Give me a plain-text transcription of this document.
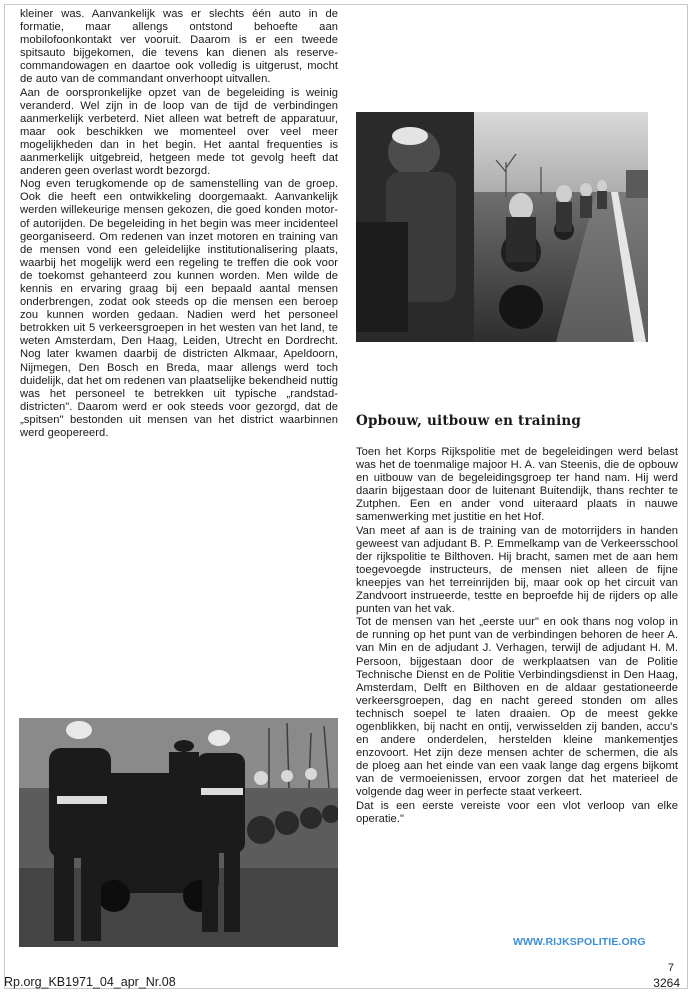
kleiner was. Aanvankelijk was er slechts één auto in de formatie, maar allengs ontstond behoefte aan mobilofoonkontakt ver vooruit. Daarom is er een tweede spitsauto bijgekomen, die tevens kan dienen als reserve-commandowagen en daartoe ook volledig is uitgerust, mocht de auto van de commandant onverhoopt uitvallen.

Aan de oorspronkelijke opzet van de begeleiding is weinig veranderd. Wel zijn in de loop van de tijd de verbindingen aanmerkelijk verbeterd. Niet alleen wat betreft de apparatuur, maar ook beschikken we momenteel over veel meer mogelijkheden dan in het begin. Het aantal frequenties is aanmerkelijk uitgebreid, hetgeen mede tot gevolg heeft dat anderen geen overlast wordt bezorgd.

Nog even terugkomende op de samenstelling van de groep. Ook die heeft een ontwikkeling doorgemaakt. Aanvankelijk werden willekeurige mensen gekozen, die goed konden motor- of autorijden. De begeleiding in het begin was meer incidenteel georganiseerd. Om redenen van inzet motoren en training van de mensen vond een geleidelijke institutionalisering plaats, waarbij het mogelijk werd een regeling te treffen die ook voor de toekomst gehanteerd zou kunnen worden. Men wilde de kennis en ervaring graag bij een bepaald aantal mensen onderbrengen, zodat ook steeds op die mensen een beroep zou kunnen worden gedaan. Nadien werd het personeel betrokken uit 5 verkeersgroepen in het westen van het land, te weten Amsterdam, Den Haag, Leiden, Utrecht en Dordrecht. Nog later kwamen daarbij de districten Alkmaar, Apeldoorn, Nijmegen, Den Bosch en Breda, maar allengs werd toch duidelijk, dat het om redenen van plaatselijke bekendheid nuttig was het personeel te betrekken uit typische „randstad-districten". Daarom werd er ook steeds voor gezorgd, dat de „spitsen" bestonden uit mensen van het district waarbinnen werd geopereerd.

Opbouw, uitbouw en training

Toen het Korps Rijkspolitie met de begeleidingen werd belast was het de toenmalige majoor H. A. van Steenis, die de opbouw en uitbouw van de begeleidingsgroep ter hand nam. Hij werd daarin bijgestaan door de luitenant Buitendijk, thans rechter te Zutphen. Een en ander vond uiteraard plaats in nauwe samenwerking met justitie en het Hof.

Van meet af aan is de training van de motorrijders in handen geweest van adjudant B. P. Emmelkamp van de Verkeersschool der rijkspolitie te Bilthoven. Hij bracht, samen met de aan hem toegevoegde instructeurs, de mensen niet alleen de fijne kneepjes van het terreinrijden bij, maar ook op het circuit van Zandvoort instrueerde, testte en beproefde hij de rijders op alle punten van het vak.

Tot de mensen van het „eerste uur" en ook thans nog volop in de running op het punt van de verbindingen behoren de heer A. van Min en de adjudant J. Verhagen, terwijl de adjudant H. M. Persoon, bijgestaan door de werkplaatsen van de Politie Technische Dienst en de Politie Verbindingsdienst in Den Haag, Amsterdam, Delft en Bilthoven en de aldaar gestationeerde verkeersgroepen, dag en nacht gereed stonden om alles technisch soepel te laten draaien. Op de meest gekke ogenblikken, bij nacht en ontij, verwisselden zij banden, accu's en andere onderdelen, herstelden kleine mankementjes enzovoort. Het zijn deze mensen achter de schermen, die als de ploeg aan het einde van een vaak lange dag ergens bijkomt van de vermoeienissen, ervoor zorgen dat het materieel de volgende dag weer in perfecte staat verkeert.

Dat is een eerste vereiste voor een vlot verloop van elke operatie."

WWW.RIJKSPOLITIE.ORG

7

Rp.org_KB1971_04_apr_Nr.08	3264
